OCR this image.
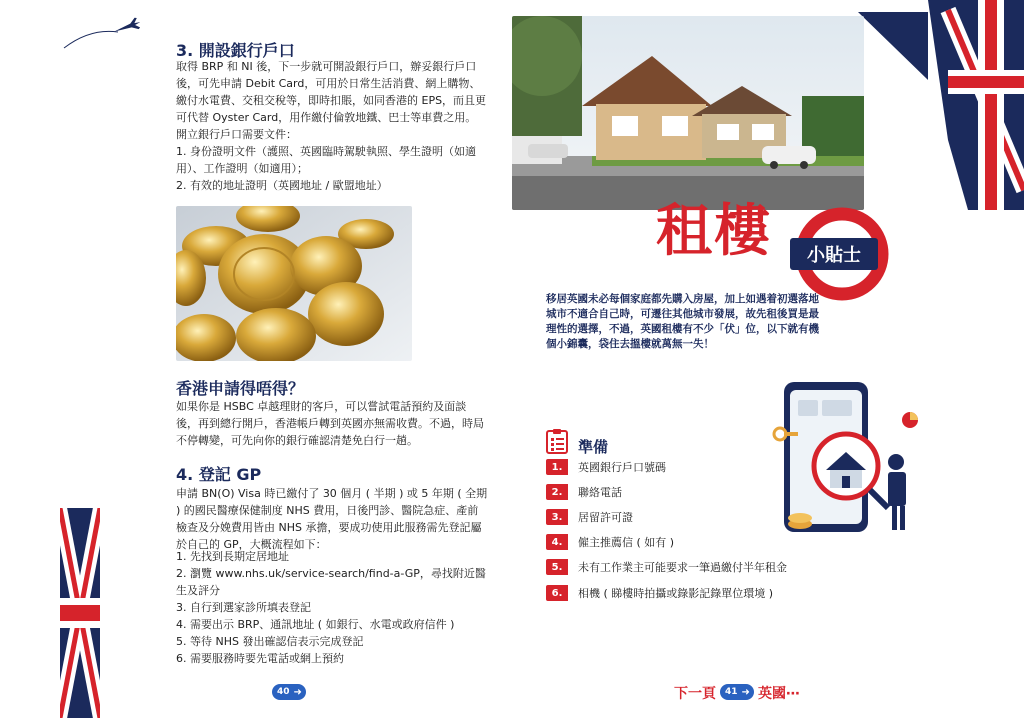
3. 開設銀行戶口
取得 BRP 和 NI 後，下一步就可開設銀行戶口，辦妥銀行戶口後，可先申請 Debit Card，可用於日常生活消費、網上購物、繳付水電費、交租交稅等，即時扣賬，如同香港的 EPS，而且更可代替 Oyster Card，用作繳付倫敦地鐵、巴士等車費之用。
開立銀行戶口需要文件：
1. 身份證明文件（護照、英國臨時駕駛執照、學生證明（如適用）、工作證明（如適用）；
2. 有效的地址證明（英國地址 / 歐盟地址）
香港申請得唔得？
如果你是 HSBC 卓越理財的客戶，可以嘗試電話預約及面談後，再到總行開戶，香港帳戶轉到英國亦無需收費。不過，時局不停轉變，可先向你的銀行確認清楚免白行一趟。
4. 登記 GP
申請 BN(O) Visa 時已繳付了 30 個月 ( 半期 ) 或 5 年期 ( 全期 ) 的國民醫療保健制度 NHS 費用，日後門診、醫院急症、產前檢查及分娩費用皆由 NHS 承擔，要成功使用此服務需先登記屬於自己的 GP，大概流程如下：
1. 先找到長期定居地址
2. 瀏覽 www.nhs.uk/service-search/find-a-GP，尋找附近醫生及評分
3. 自行到選家診所填表登記
4. 需要出示 BRP、通訊地址 ( 如銀行、水電或政府信件 )
5. 等待 NHS 發出確認信表示完成登記
6. 需要服務時要先電話或網上預約
40 ➜
租樓	小貼士
移居英國未必每個家庭都先購入房屋，加上如遇着初選落地城市不適合自己時，可遷往其他城市發展，故先租後買是最理性的選擇，不過，英國租樓有不少「伏」位，以下就有機個小錦囊，袋住去搵樓就萬無一失！
準備
1.	英國銀行戶口號碼
2.	聯絡電話
3.	居留許可證
4.	僱主推薦信 ( 如有 )
5.	未有工作業主可能要求一筆過繳付半年租金
6.	相機 ( 睇樓時拍攝或錄影記錄單位環境 )
下一頁 41 ➜ 英國⋯
